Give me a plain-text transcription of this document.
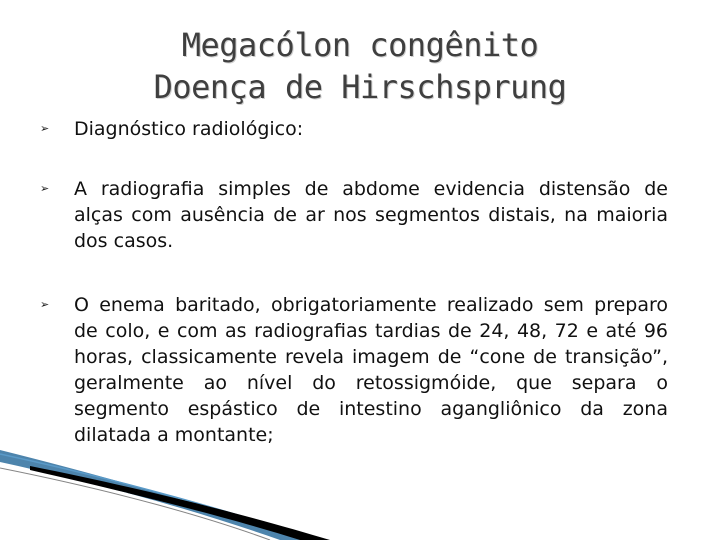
Megacólon congênito
Doença de Hirschsprung
➢ Diagnóstico radiológico:
➢ A radiografia simples de abdome evidencia distensão de alças com ausência de ar nos segmentos distais, na maioria dos casos.
➢ O enema baritado, obrigatoriamente realizado sem preparo de colo, e com as radiografias tardias de 24, 48, 72 e até 96 horas, classicamente revela imagem de “cone de transição”, geralmente ao nível do retossigmóide, que separa o segmento espástico de intestino agangliônico da zona dilatada a montante;
